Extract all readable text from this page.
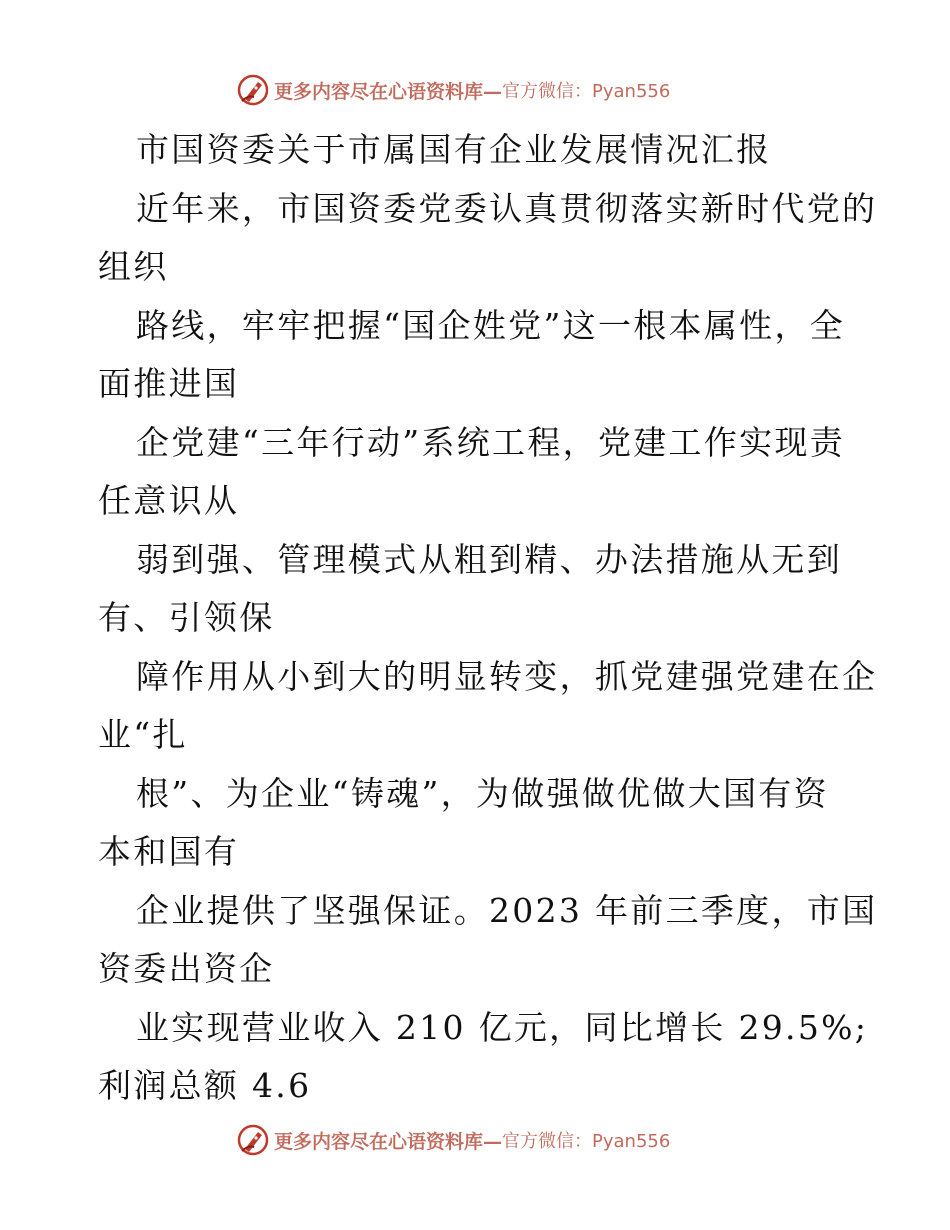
更多内容尽在心语资料库— 官方微信：Pyan556
市国资委关于市属国有企业发展情况汇报
近年来，市国资委党委认真贯彻落实新时代党的
组织
路线，牢牢把握“国企姓党”这一根本属性，全
面推进国
企党建“三年行动”系统工程，党建工作实现责
任意识从
弱到强、管理模式从粗到精、办法措施从无到
有、引领保
障作用从小到大的明显转变，抓党建强党建在企
业“扎
根”、为企业“铸魂”，为做强做优做大国有资
本和国有
企业提供了坚强保证。2023 年前三季度，市国
资委出资企
业实现营业收入 210 亿元，同比增长 29.5%;
利润总额 4.6
更多内容尽在心语资料库— 官方微信：Pyan556
